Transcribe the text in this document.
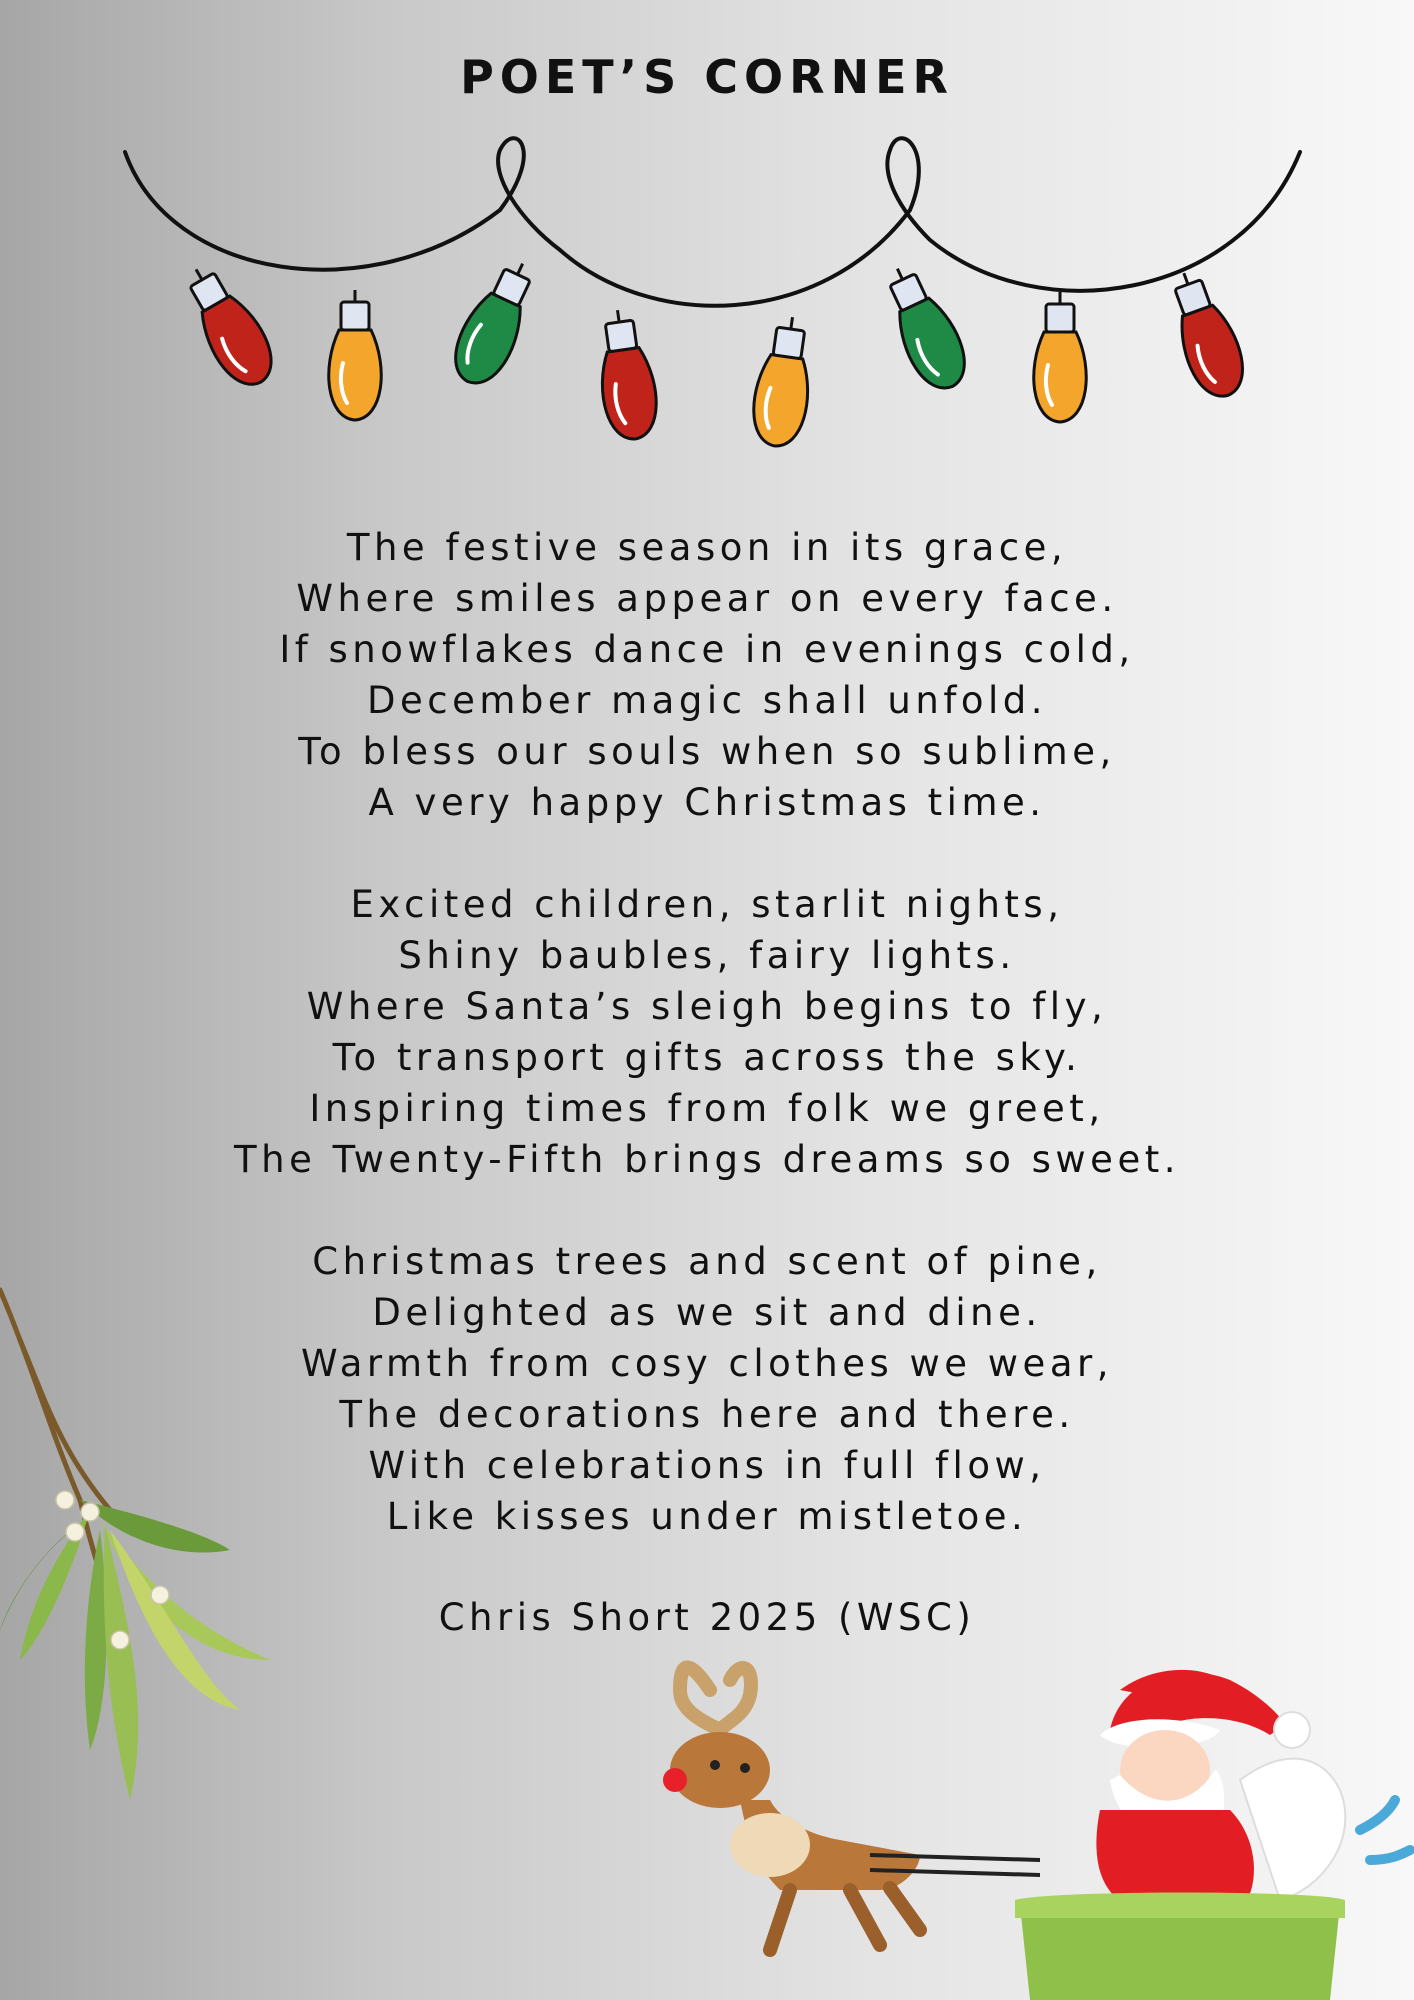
POET’S CORNER
The festive season in its grace,
Where smiles appear on every face.
If snowflakes dance in evenings cold,
December magic shall unfold.
To bless our souls when so sublime,
A very happy Christmas time.
Excited children, starlit nights,
Shiny baubles, fairy lights.
Where Santa’s sleigh begins to fly,
To transport gifts across the sky.
Inspiring times from folk we greet,
The Twenty-Fifth brings dreams so sweet.
Christmas trees and scent of pine,
Delighted as we sit and dine.
Warmth from cosy clothes we wear,
The decorations here and there.
With celebrations in full flow,
Like kisses under mistletoe.
Chris Short 2025 (WSC)
